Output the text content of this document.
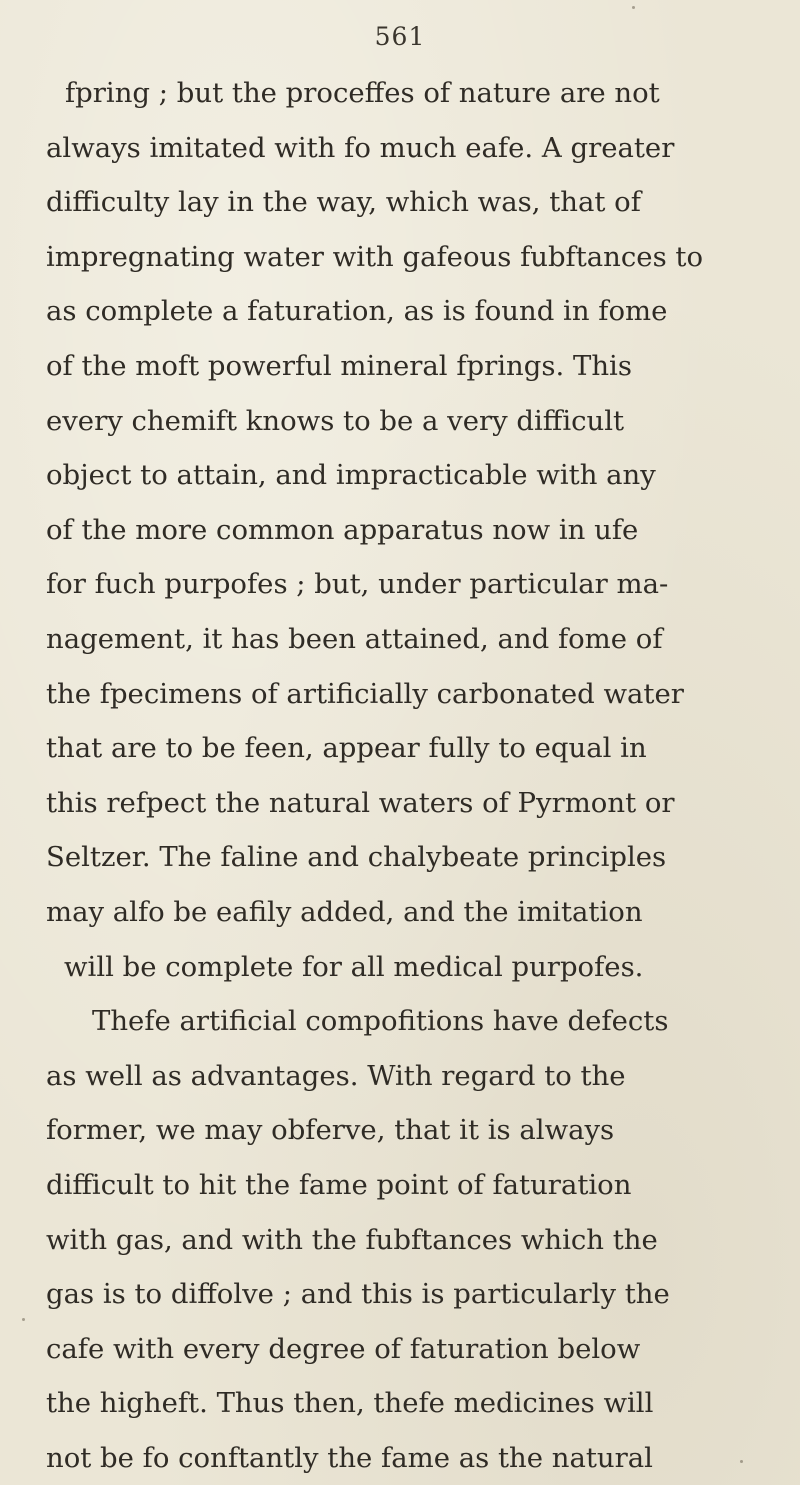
561
fpring ; but the proceffes of nature are not
always imitated with fo much eafe. A greater
difficulty lay in the way, which was, that of
impregnating water with gafeous fubftances to
as complete a faturation, as is found in fome
of the moft powerful mineral fprings. This
every chemift knows to be a very difficult
object to attain, and impracticable with any
of the more common apparatus now in ufe
for fuch purpofes ; but, under particular ma-
nagement, it has been attained, and fome of
the fpecimens of artificially carbonated water
that are to be feen, appear fully to equal in
this refpect the natural waters of Pyrmont or
Seltzer. The faline and chalybeate principles
may alfo be eafily added, and the imitation
will be complete for all medical purpofes.
Thefe artificial compofitions have defects
as well as advantages. With regard to the
former, we may obferve, that it is always
difficult to hit the fame point of faturation
with gas, and with the fubftances which the
gas is to diffolve ; and this is particularly the
cafe with every degree of faturation below
the higheft. Thus then, thefe medicines will
not be fo conftantly the fame as the natural
